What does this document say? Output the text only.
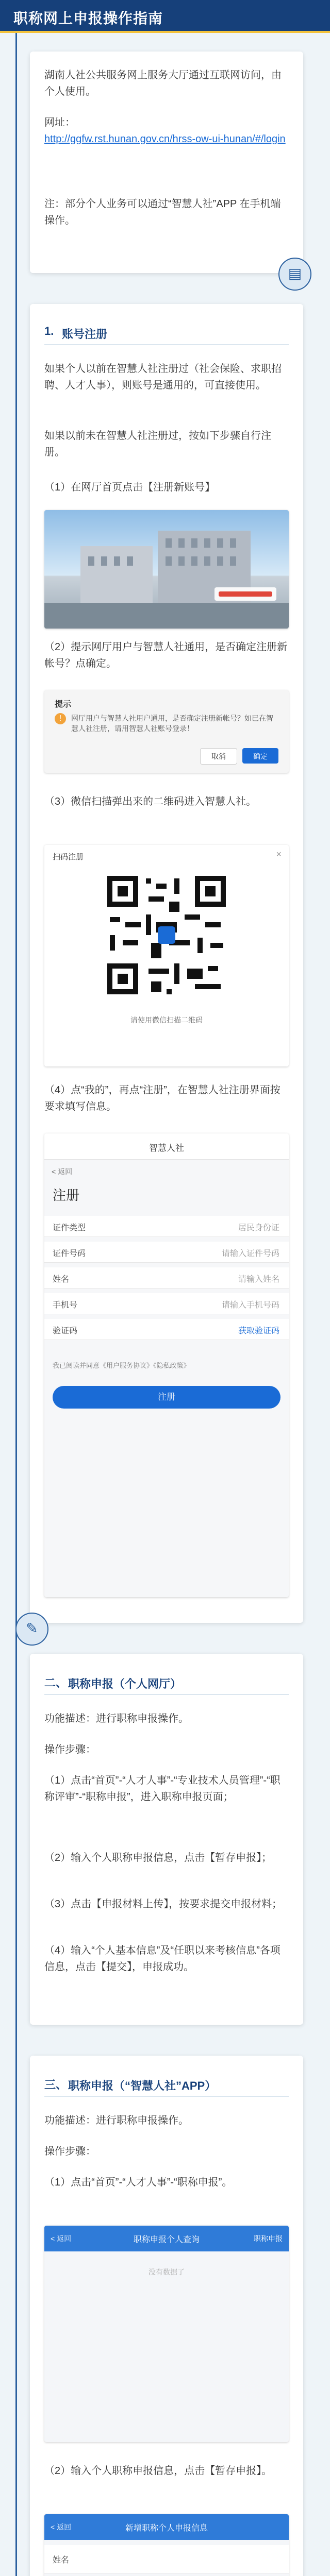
职称网上申报操作指南
湖南人社公共服务网上服务大厅通过互联网访问，由个人使用。
网址：
http://ggfw.rst.hunan.gov.cn/hrss-ow-ui-hunan/#/login
注：部分个人业务可以通过“智慧人社”APP 在手机端操作。
▤
1. 账号注册
如果个人以前在智慧人社注册过（社会保险、求职招聘、人才人事），则账号是通用的，可直接使用。
如果以前未在智慧人社注册过，按如下步骤自行注册。
（1）在网厅首页点击【注册新账号】
（2）提示网厅用户与智慧人社通用，是否确定注册新帐号？点确定。
提示
!	网厅用户与智慧人社用户通用，是否确定注册新帐号？如已在智慧人社注册，请用智慧人社账号登录！
取消	确定
（3）微信扫描弹出来的二维码进入智慧人社。
扫码注册	×
请使用微信扫描二维码
（4）点“我的”，再点“注册”，在智慧人社注册界面按要求填写信息。
智慧人社
< 返回
注册
证件类型	居民身份证
证件号码	请输入证件号码
姓名	请输入姓名
手机号	请输入手机号码
验证码	获取验证码
我已阅读并同意《用户服务协议》《隐私政策》
注册
✎
二、 职称申报（个人网厅）
功能描述：进行职称申报操作。
操作步骤：
（1）点击“首页”-“人才人事”-“专业技术人员管理”-“职称评审”-“职称申报”，进入职称申报页面；
（2）输入个人职称申报信息，点击【暂存申报】；
（3）点击【申报材料上传】，按要求提交申报材料；
（4）输入“个人基本信息”及“任职以来考核信息”各项信息，点击【提交】，申报成功。
三、 职称申报（“智慧人社”APP）
功能描述：进行职称申报操作。
操作步骤：
（1）点击“首页”-“人才人事”-“职称申报”。
< 返回	职称申报个人查询	职称申报
没有数据了
（2）输入个人职称申报信息，点击【暂存申报】。
< 返回	新增职称个人申报信息
姓名
